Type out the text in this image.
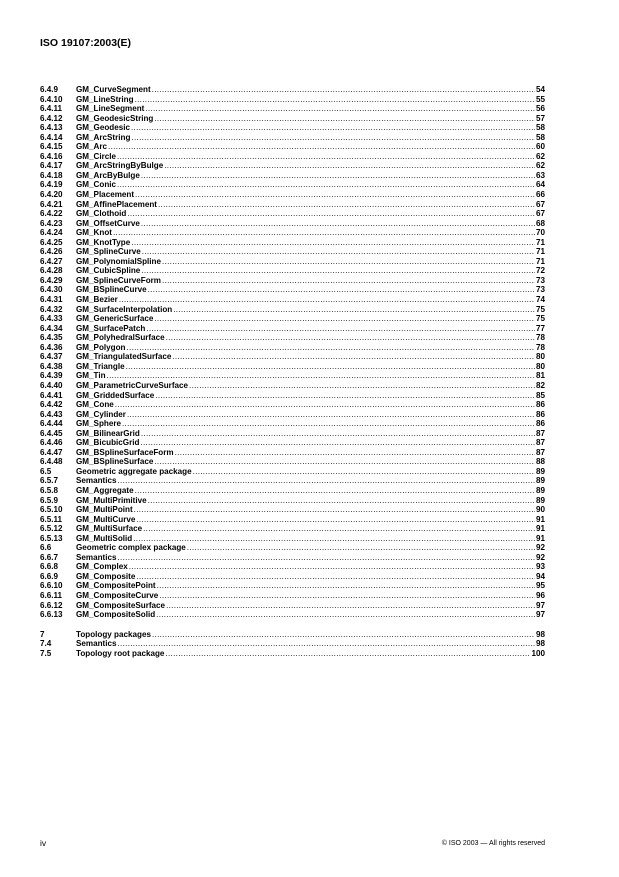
ISO 19107:2003(E)
6.4.9	GM_CurveSegment .....	54
6.4.10	GM_LineString .....	55
6.4.11	GM_LineSegment .....	56
6.4.12	GM_GeodesicString .....	57
6.4.13	GM_Geodesic .....	58
6.4.14	GM_ArcString .....	58
6.4.15	GM_Arc .....	60
6.4.16	GM_Circle .....	62
6.4.17	GM_ArcStringByBulge .....	62
6.4.18	GM_ArcByBulge .....	63
6.4.19	GM_Conic .....	64
6.4.20	GM_Placement .....	66
6.4.21	GM_AffinePlacement .....	67
6.4.22	GM_Clothoid .....	67
6.4.23	GM_OffsetCurve .....	68
6.4.24	GM_Knot .....	70
6.4.25	GM_KnotType .....	71
6.4.26	GM_SplineCurve .....	71
6.4.27	GM_PolynomialSpline .....	71
6.4.28	GM_CubicSpline .....	72
6.4.29	GM_SplineCurveForm .....	73
6.4.30	GM_BSplineCurve .....	73
6.4.31	GM_Bezier .....	74
6.4.32	GM_SurfaceInterpolation .....	75
6.4.33	GM_GenericSurface .....	75
6.4.34	GM_SurfacePatch .....	77
6.4.35	GM_PolyhedralSurface .....	78
6.4.36	GM_Polygon .....	78
6.4.37	GM_TriangulatedSurface .....	80
6.4.38	GM_Triangle .....	80
6.4.39	GM_Tin .....	81
6.4.40	GM_ParametricCurveSurface .....	82
6.4.41	GM_GriddedSurface .....	85
6.4.42	GM_Cone .....	86
6.4.43	GM_Cylinder .....	86
6.4.44	GM_Sphere .....	86
6.4.45	GM_BilinearGrid .....	87
6.4.46	GM_BicubicGrid .....	87
6.4.47	GM_BSplineSurfaceForm .....	87
6.4.48	GM_BSplineSurface .....	88
6.5	Geometric aggregate package .....	89
6.5.7	Semantics .....	89
6.5.8	GM_Aggregate .....	89
6.5.9	GM_MultiPrimitive .....	89
6.5.10	GM_MultiPoint .....	90
6.5.11	GM_MultiCurve .....	91
6.5.12	GM_MultiSurface .....	91
6.5.13	GM_MultiSolid .....	91
6.6	Geometric complex package .....	92
6.6.7	Semantics .....	92
6.6.8	GM_Complex .....	93
6.6.9	GM_Composite .....	94
6.6.10	GM_CompositePoint .....	95
6.6.11	GM_CompositeCurve .....	96
6.6.12	GM_CompositeSurface .....	97
6.6.13	GM_CompositeSolid .....	97
7	Topology packages .....	98
7.4	Semantics .....	98
7.5	Topology root package .....	100
iv	© ISO 2003 — All rights reserved
